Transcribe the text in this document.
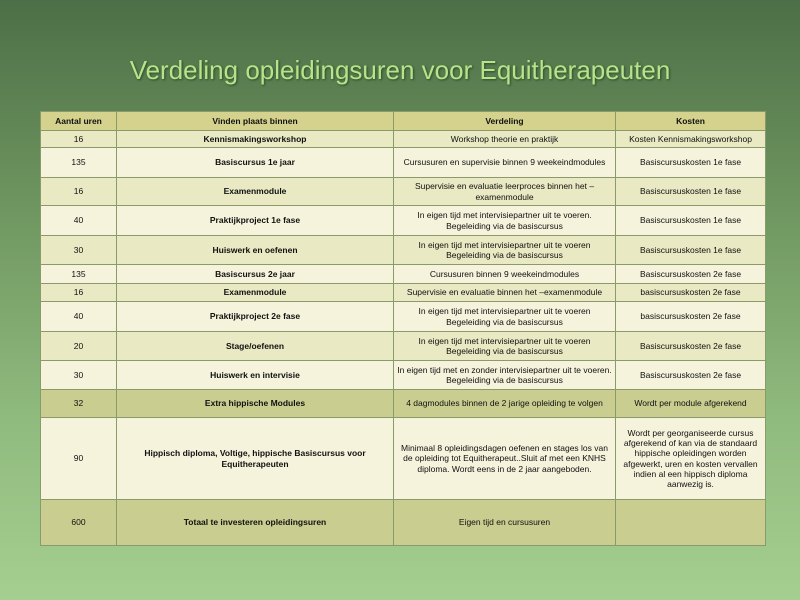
Verdeling opleidingsuren voor Equitherapeuten
Aantal uren	Vinden plaats binnen	Verdeling	Kosten
16	Kennismakingsworkshop	Workshop theorie en praktijk	Kosten Kennismakingsworkshop
135	Basiscursus 1e jaar	Cursusuren en supervisie binnen 9 weekeindmodules	Basiscursuskosten 1e fase
16	Examenmodule	Supervisie en evaluatie leerproces binnen het –examenmodule	Basiscursuskosten 1e fase
40	Praktijkproject 1e fase	In eigen tijd met intervisiepartner uit te voeren. Begeleiding via de basiscursus	Basiscursuskosten 1e fase
30	Huiswerk en oefenen	In eigen tijd met intervisiepartner uit te voeren Begeleiding via de basiscursus	Basiscursuskosten 1e fase
135	Basiscursus 2e jaar	Cursusuren binnen 9 weekeindmodules	Basiscursuskosten 2e fase
16	Examenmodule	Supervisie en evaluatie binnen het –examenmodule	basiscursuskosten 2e fase
40	Praktijkproject 2e fase	In eigen tijd met intervisiepartner uit te voeren Begeleiding via de basiscursus	basiscursuskosten 2e fase
20	Stage/oefenen	In eigen tijd met intervisiepartner uit te voeren Begeleiding via de basiscursus	Basiscursuskosten 2e fase
30	Huiswerk en intervisie	In eigen tijd met en zonder intervisiepartner uit te voeren. Begeleiding via de basiscursus	Basiscursuskosten 2e fase
32	Extra hippische Modules	4 dagmodules binnen de 2 jarige opleiding te volgen	Wordt per module afgerekend
90	Hippisch diploma, Voltige, hippische Basiscursus voor Equitherapeuten	Minimaal 8 opleidingsdagen oefenen en stages los van de opleiding tot Equitherapeut..Sluit af met een KNHS diploma. Wordt eens in de 2 jaar aangeboden.	Wordt per georganiseerde cursus afgerekend of kan via de standaard hippische opleidingen worden afgewerkt, uren en kosten vervallen indien al een hippisch diploma aanwezig is.
600	Totaal te investeren opleidingsuren	Eigen tijd en cursusuren	
